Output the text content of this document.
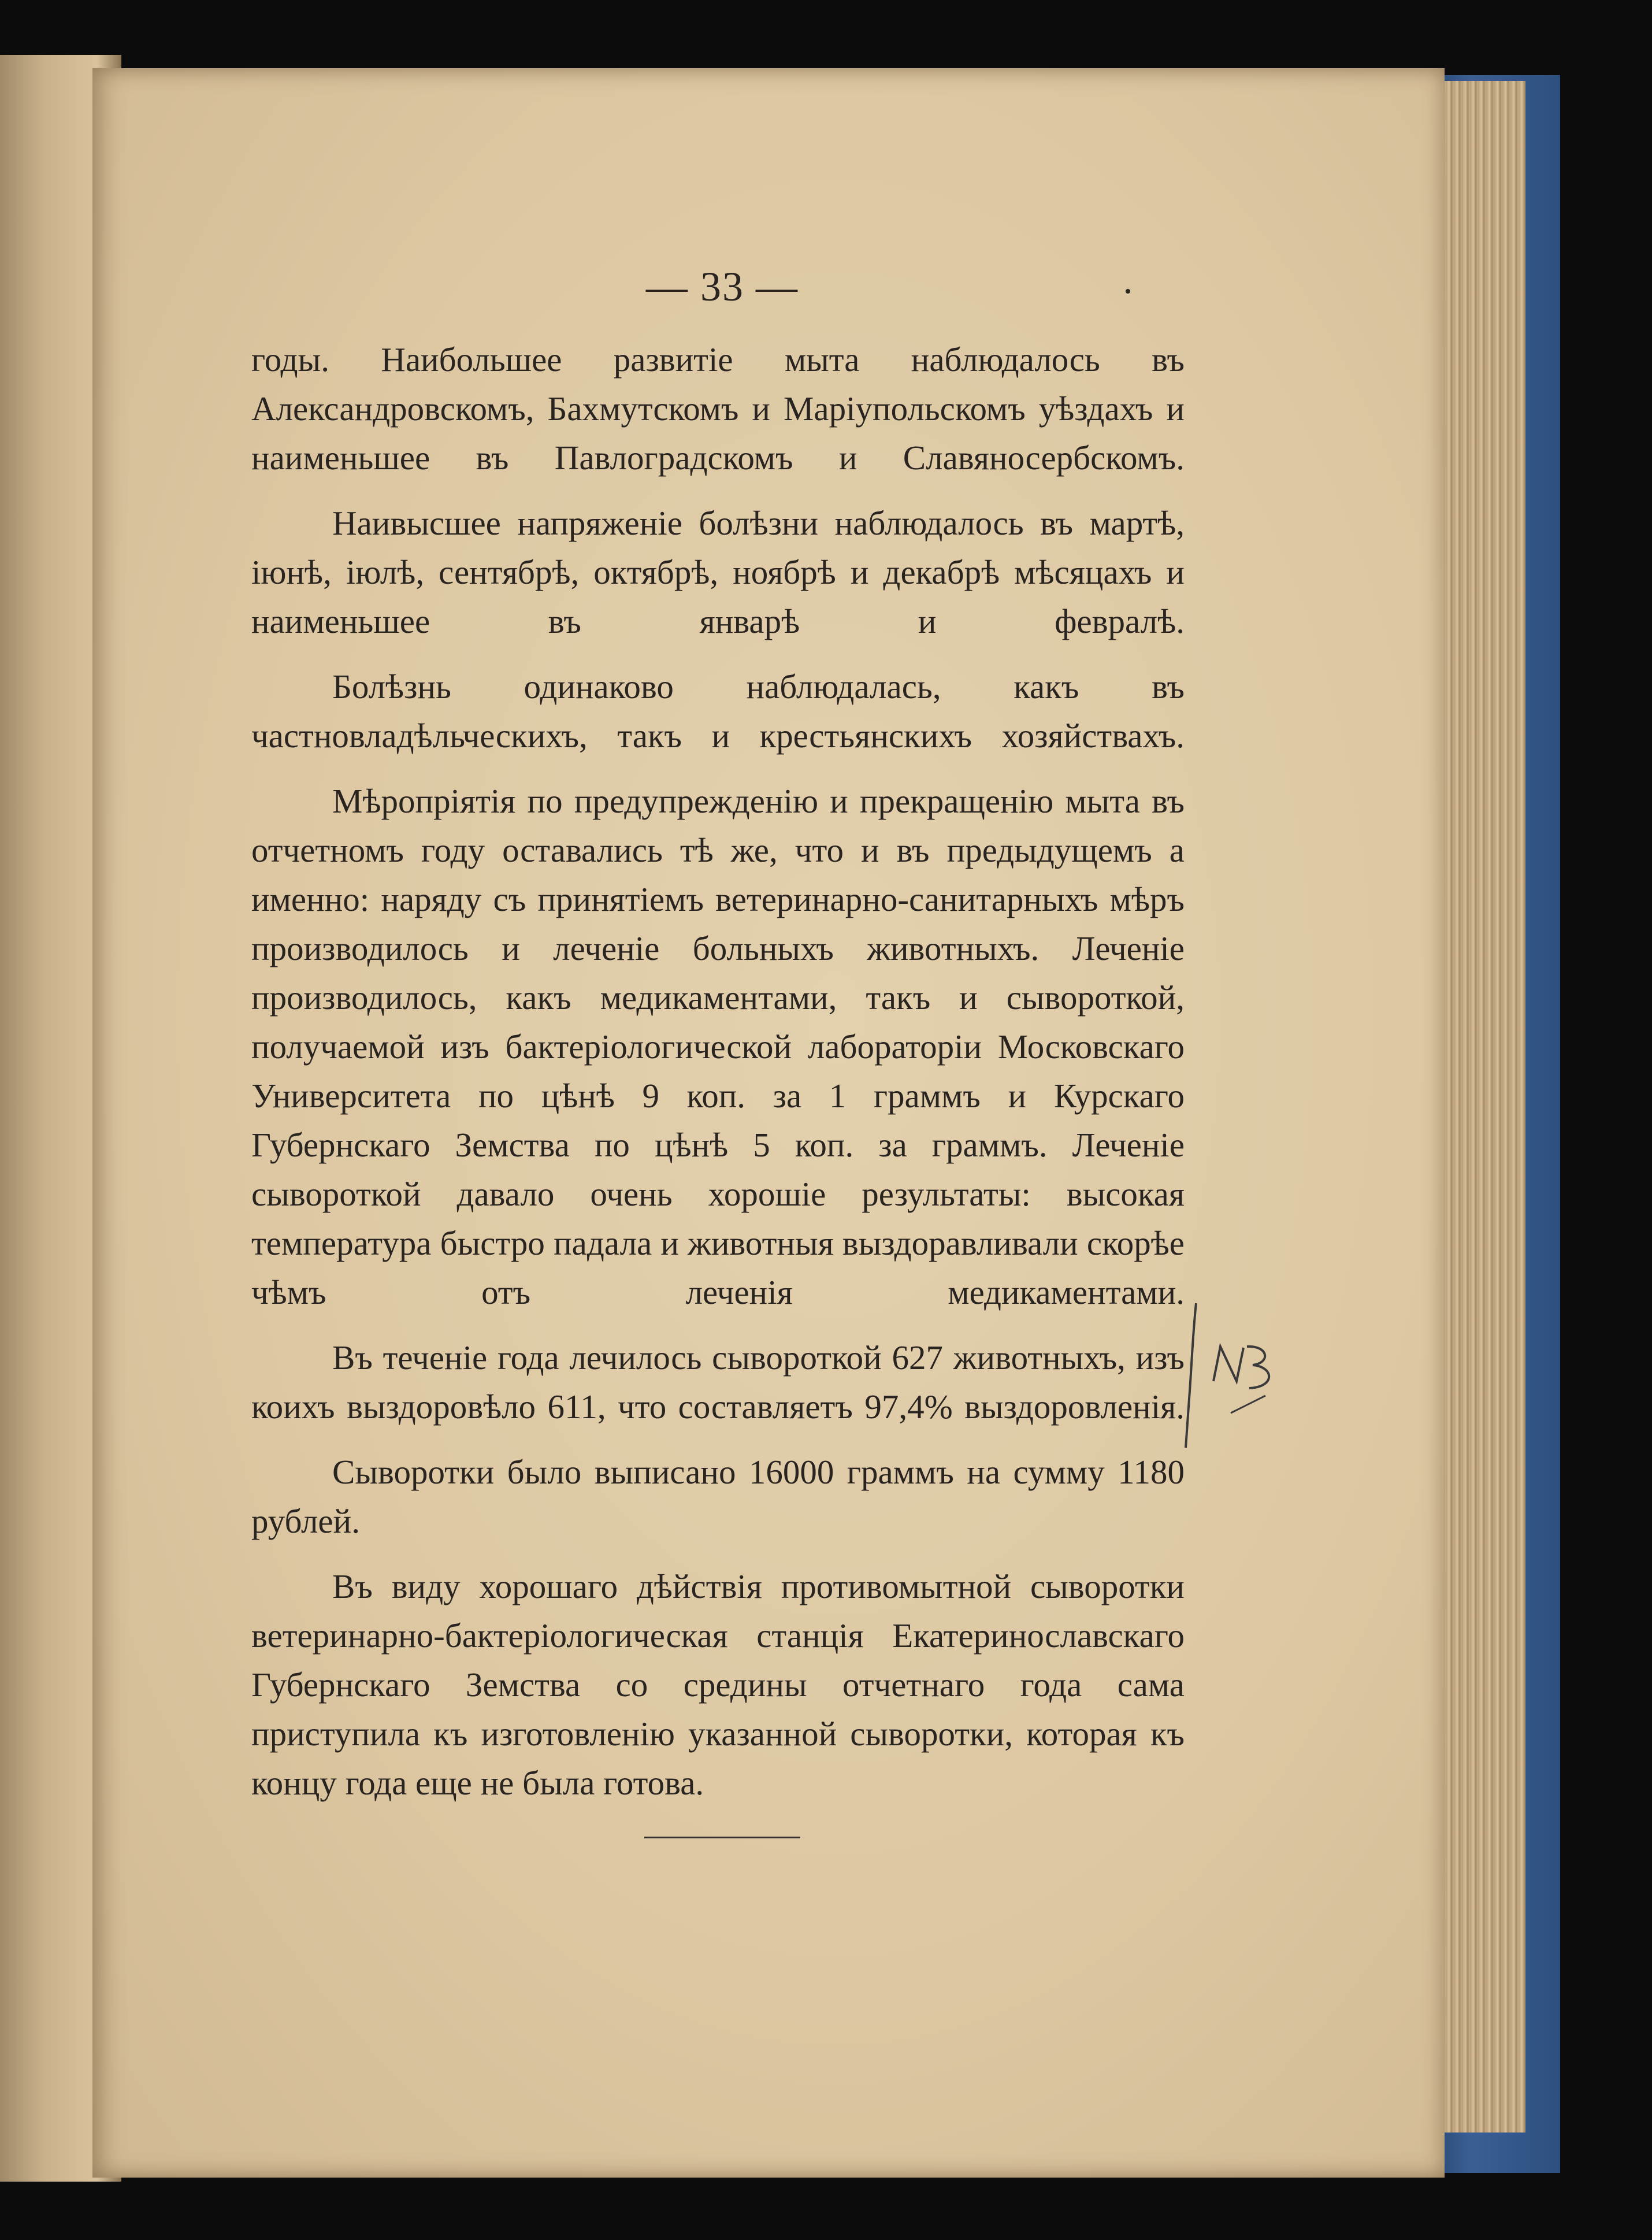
— 33 —

годы. Наибольшее развитіе мыта наблюдалось въ Александровскомъ, Бахмутскомъ и Маріупольскомъ уѣздахъ и наименьшее въ Павлоградскомъ и Славяносербскомъ.

Наивысшее напряженіе болѣзни наблюдалось въ мартѣ, іюнѣ, іюлѣ, сентябрѣ, октябрѣ, ноябрѣ и декабрѣ мѣсяцахъ и наименьшее въ январѣ и февралѣ.

Болѣзнь одинаково наблюдалась, какъ въ частновладѣльческихъ, такъ и крестьянскихъ хозяйствахъ.

Мѣропріятія по предупрежденію и прекращенію мыта въ отчетномъ году оставались тѣ же, что и въ предыдущемъ а именно: наряду съ принятіемъ ветеринарно-санитарныхъ мѣръ производилось и леченіе больныхъ животныхъ. Леченіе производилось, какъ медикаментами, такъ и сывороткой, получаемой изъ бактеріологической лабораторіи Московскаго Университета по цѣнѣ 9 коп. за 1 граммъ и Курскаго Губернскаго Земства по цѣнѣ 5 коп. за граммъ. Леченіе сывороткой давало очень хорошіе результаты: высокая температура быстро падала и животныя выздоравливали скорѣе чѣмъ отъ леченія медикаментами.

Въ теченіе года лечилось сывороткой 627 животныхъ, изъ коихъ выздоровѣло 611, что составляетъ 97,4% выздоровленія.

Сыворотки было выписано 16000 граммъ на сумму 1180 рублей.

Въ виду хорошаго дѣйствія противомытной сыворотки ветеринарно-бактеріологическая станція Екатеринославскаго Губернскаго Земства со средины отчетнаго года сама приступила къ изготовленію указанной сыворотки, которая къ концу года еще не была готова.
